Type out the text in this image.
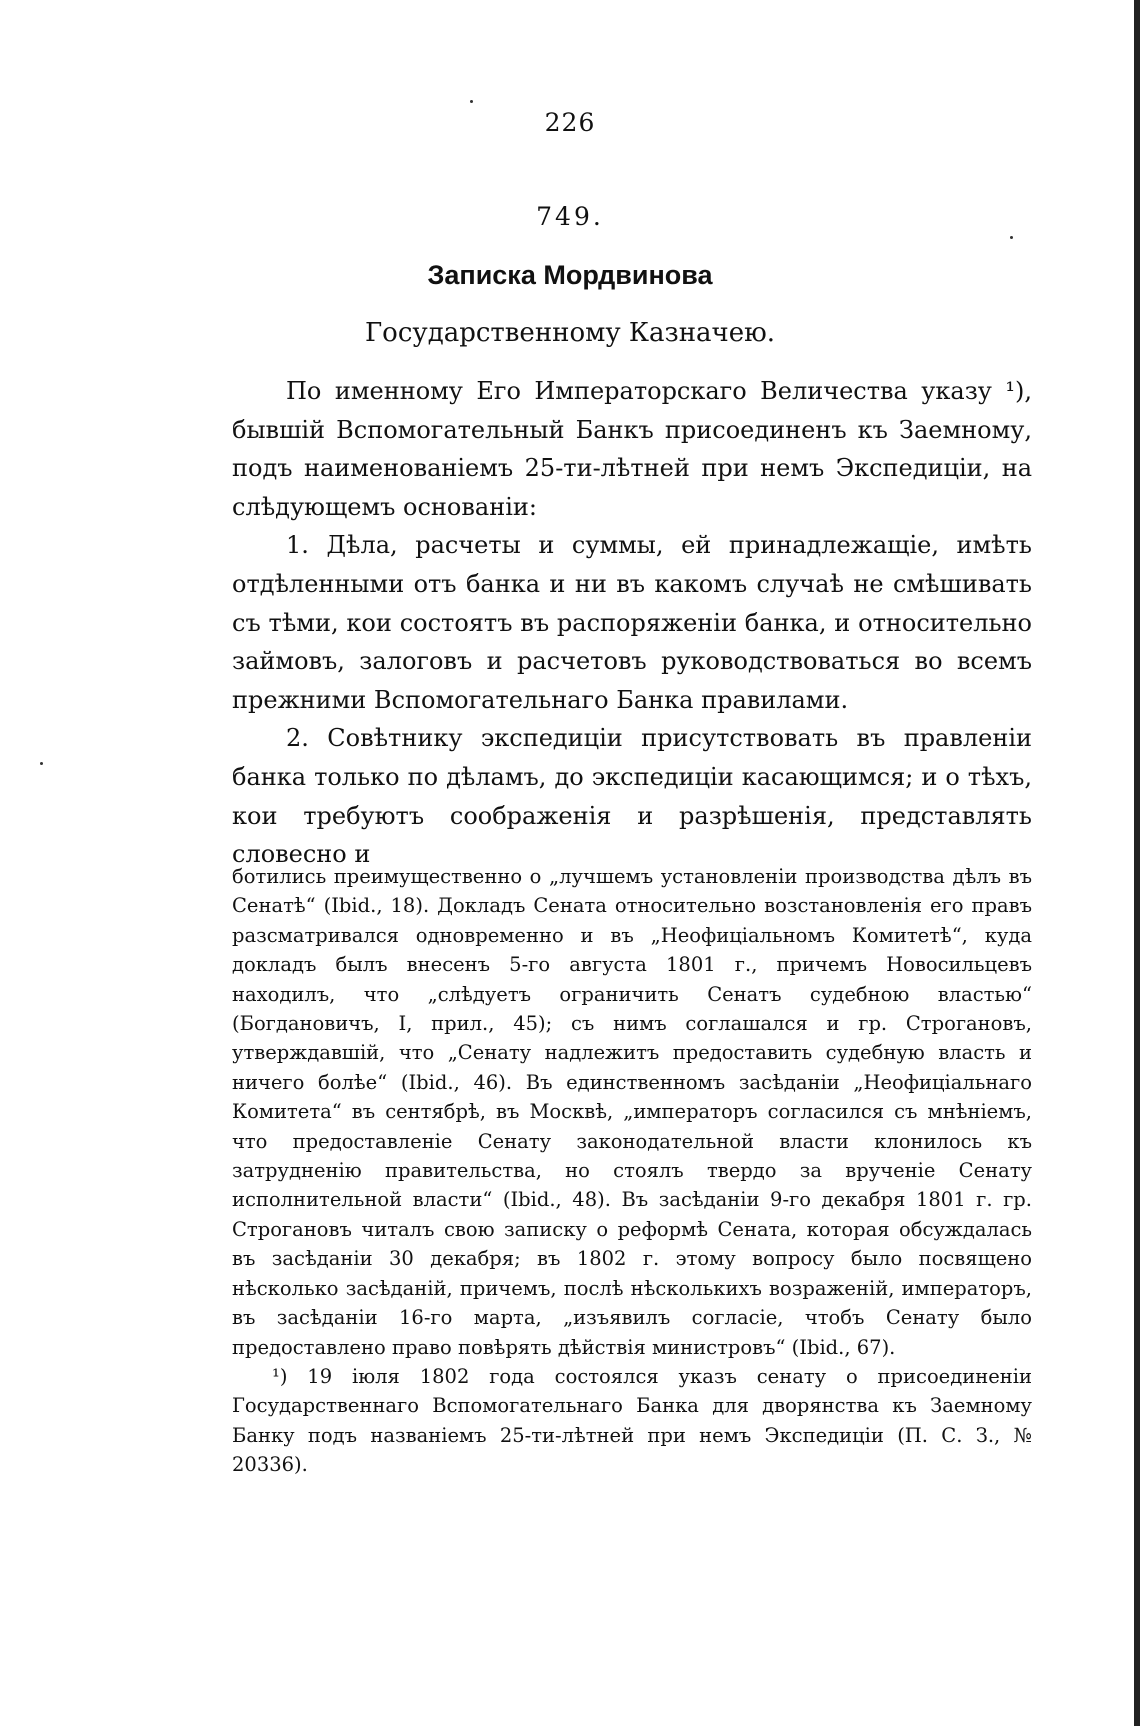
226
749.
Записка Мордвинова
Государственному Казначею.

По именному Его Императорскаго Величества указу ¹), бывшій Вспомогательный Банкъ присоединенъ къ Заемному, подъ наименованіемъ 25-ти-лѣтней при немъ Экспедиціи, на слѣдующемъ основаніи:

1. Дѣла, расчеты и суммы, ей принадлежащіе, имѣть отдѣленными отъ банка и ни въ какомъ случаѣ не смѣшивать съ тѣми, кои состоятъ въ распоряженіи банка, и относительно займовъ, залоговъ и расчетовъ руководствоваться во всемъ прежними Вспомогательнаго Банка правилами.

2. Совѣтнику экспедиціи присутствовать въ правленіи банка только по дѣламъ, до экспедиціи касающимся; и о тѣхъ, кои требуютъ соображенія и разрѣшенія, представлять словесно и

ботились преимущественно о „лучшемъ установленіи производства дѣлъ въ Сенатѣ“ (Ibid., 18). Докладъ Сената относительно возстановленія его правъ разсматривался одновременно и въ „Неофиціальномъ Комитетѣ“, куда докладъ былъ внесенъ 5-го августа 1801 г., причемъ Новосильцевъ находилъ, что „слѣдуетъ ограничить Сенатъ судебною властью“ (Богдановичъ, I, прил., 45); съ нимъ соглашался и гр. Строгановъ, утверждавшій, что „Сенату надлежитъ предоставить судебную власть и ничего болѣе“ (Ibid., 46). Въ единственномъ засѣданіи „Неофиціальнаго Комитета“ въ сентябрѣ, въ Москвѣ, „императоръ согласился съ мнѣніемъ, что предоставленіе Сенату законодательной власти клонилось къ затрудненію правительства, но стоялъ твердо за врученіе Сенату исполнительной власти“ (Ibid., 48). Въ засѣданіи 9-го декабря 1801 г. гр. Строгановъ читалъ свою записку о реформѣ Сената, которая обсуждалась въ засѣданіи 30 декабря; въ 1802 г. этому вопросу было посвящено нѣсколько засѣданій, причемъ, послѣ нѣсколькихъ возраженій, императоръ, въ засѣданіи 16-го марта, „изъявилъ согласіе, чтобъ Сенату было предоставлено право повѣрять дѣйствія министровъ“ (Ibid., 67).

¹) 19 іюля 1802 года состоялся указъ сенату о присоединеніи Государственнаго Вспомогательнаго Банка для дворянства къ Заемному Банку подъ названіемъ 25-ти-лѣтней при немъ Экспедиціи (П. С. З., № 20336).
